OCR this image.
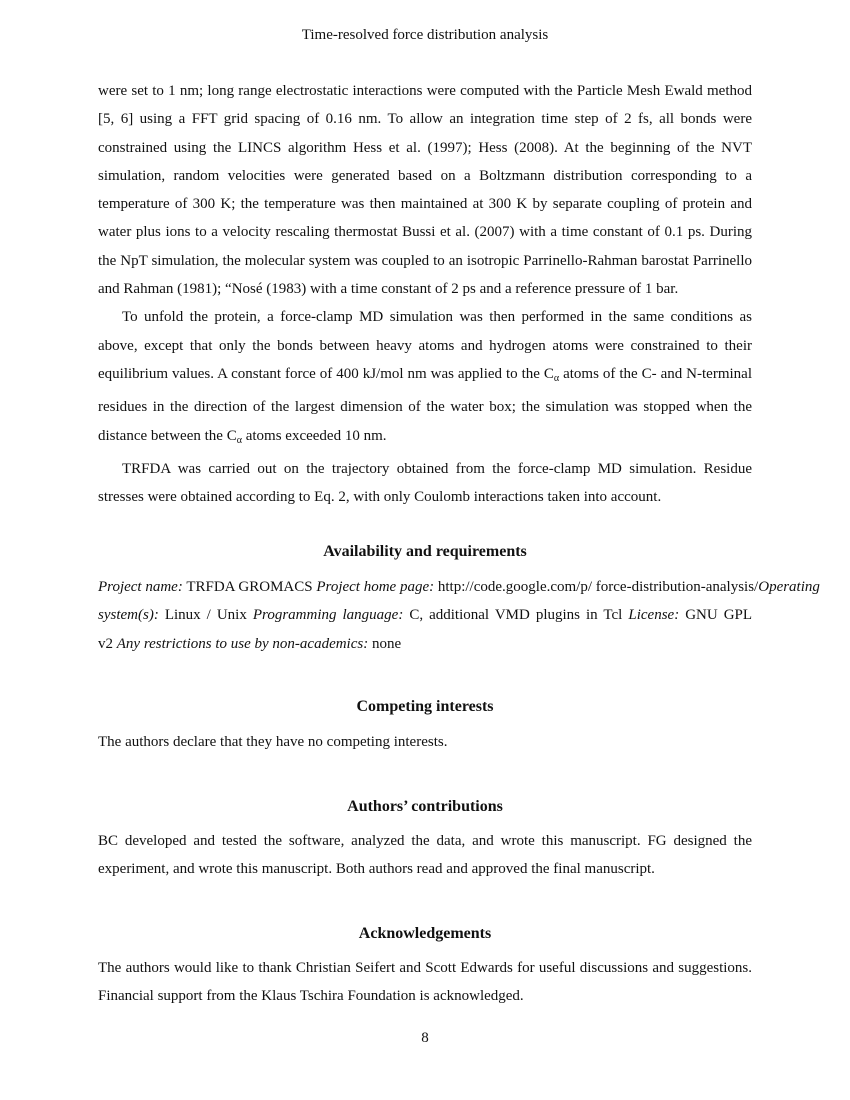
Time-resolved force distribution analysis

were set to 1 nm; long range electrostatic interactions were computed with the Particle Mesh Ewald method [5, 6] using a FFT grid spacing of 0.16 nm. To allow an integration time step of 2 fs, all bonds were constrained using the LINCS algorithm Hess et al. (1997); Hess (2008). At the beginning of the NVT simulation, random velocities were generated based on a Boltzmann distribution corresponding to a temperature of 300 K; the temperature was then maintained at 300 K by separate coupling of protein and water plus ions to a velocity rescaling thermostat Bussi et al. (2007) with a time constant of 0.1 ps. During the NpT simulation, the molecular system was coupled to an isotropic Parrinello-Rahman barostat Parrinello and Rahman (1981); “Nosé (1983) with a time constant of 2 ps and a reference pressure of 1 bar.

To unfold the protein, a force-clamp MD simulation was then performed in the same conditions as above, except that only the bonds between heavy atoms and hydrogen atoms were constrained to their equilibrium values. A constant force of 400 kJ/mol nm was applied to the $C_\alpha$ atoms of the C- and N-terminal residues in the direction of the largest dimension of the water box; the simulation was stopped when the distance between the $C_\alpha$ atoms exceeded 10 nm.

TRFDA was carried out on the trajectory obtained from the force-clamp MD simulation. Residue stresses were obtained according to Eq. 2, with only Coulomb interactions taken into account.

Availability and requirements
Project name: TRFDA GROMACS Project home page: http://code.google.com/p/ force-distribution-analysis/Operating
system(s): Linux / Unix Programming language: C, additional VMD plugins in Tcl License: GNU GPL
v2 Any restrictions to use by non-academics: none
Competing interests

The authors declare that they have no competing interests.

Authors’ contributions

BC developed and tested the software, analyzed the data, and wrote this manuscript. FG designed the experiment, and wrote this manuscript. Both authors read and approved the final manuscript.

Acknowledgements

The authors would like to thank Christian Seifert and Scott Edwards for useful discussions and suggestions. Financial support from the Klaus Tschira Foundation is acknowledged.

8
